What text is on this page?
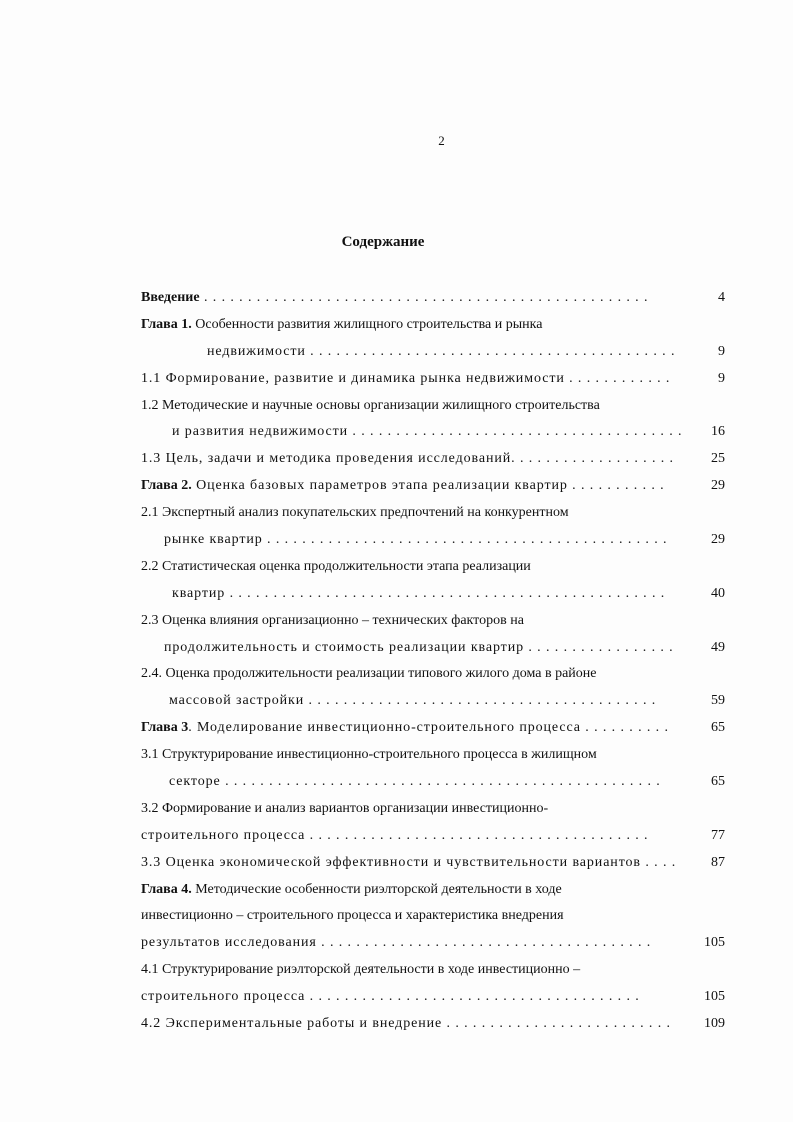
2
Содержание
Введение . . . . . . . . . . . . . . . . . . . . . . . . . . . . . . . . . . . . . . . . . . . . . . . . . . .	4
Глава 1. Особенности развития жилищного строительства и рынка
недвижимости . . . . . . . . . . . . . . . . . . . . . . . . . . . . . . . . . . . . . . . . . .	9
1.1 Формирование, развитие и динамика рынка недвижимости . . . . . . . . . . . .	9
1.2 Методические и научные основы организации жилищного строительства
и развития недвижимости . . . . . . . . . . . . . . . . . . . . . . . . . . . . . . . . . . . . . . 16
1.3 Цель, задачи и методика проведения исследований. . . . . . . . . . . . . . . . . . .	25
Глава 2. Оценка базовых параметров этапа реализации квартир . . . . . . . . . . .	29
2.1 Экспертный анализ покупательских предпочтений на конкурентном
рынке квартир . . . . . . . . . . . . . . . . . . . . . . . . . . . . . . . . . . . . . . . . . . . . . .	29
2.2 Статистическая оценка продолжительности этапа реализации
квартир . . . . . . . . . . . . . . . . . . . . . . . . . . . . . . . . . . . . . . . . . . . . . . . . . .	40
2.3 Оценка влияния организационно – технических факторов на
продолжительность и стоимость реализации квартир . . . . . . . . . . . . . . . . .	49
2.4. Оценка продолжительности реализации типового жилого дома в районе
массовой застройки . . . . . . . . . . . . . . . . . . . . . . . . . . . . . . . . . . . . . . . .	59
Глава 3. Моделирование инвестиционно-строительного процесса . . . . . . . . . .	65
3.1 Структурирование инвестиционно-строительного процесса в жилищном
секторе . . . . . . . . . . . . . . . . . . . . . . . . . . . . . . . . . . . . . . . . . . . . . . . . . .	65
3.2 Формирование и анализ вариантов организации инвестиционно-
строительного процесса . . . . . . . . . . . . . . . . . . . . . . . . . . . . . . . . . . . . . . .	77
3.3 Оценка экономической эффективности и чувствительности вариантов . . . . 87
Глава 4. Методические особенности риэлторской деятельности в ходе
инвестиционно – строительного процесса и характеристика внедрения
результатов исследования . . . . . . . . . . . . . . . . . . . . . . . . . . . . . . . . . . . . . .	105
4.1 Структурирование риэлторской деятельности в ходе инвестиционно –
строительного процесса . . . . . . . . . . . . . . . . . . . . . . . . . . . . . . . . . . . . . .	105
4.2 Экспериментальные работы и внедрение . . . . . . . . . . . . . . . . . . . . . . . . . . 109
